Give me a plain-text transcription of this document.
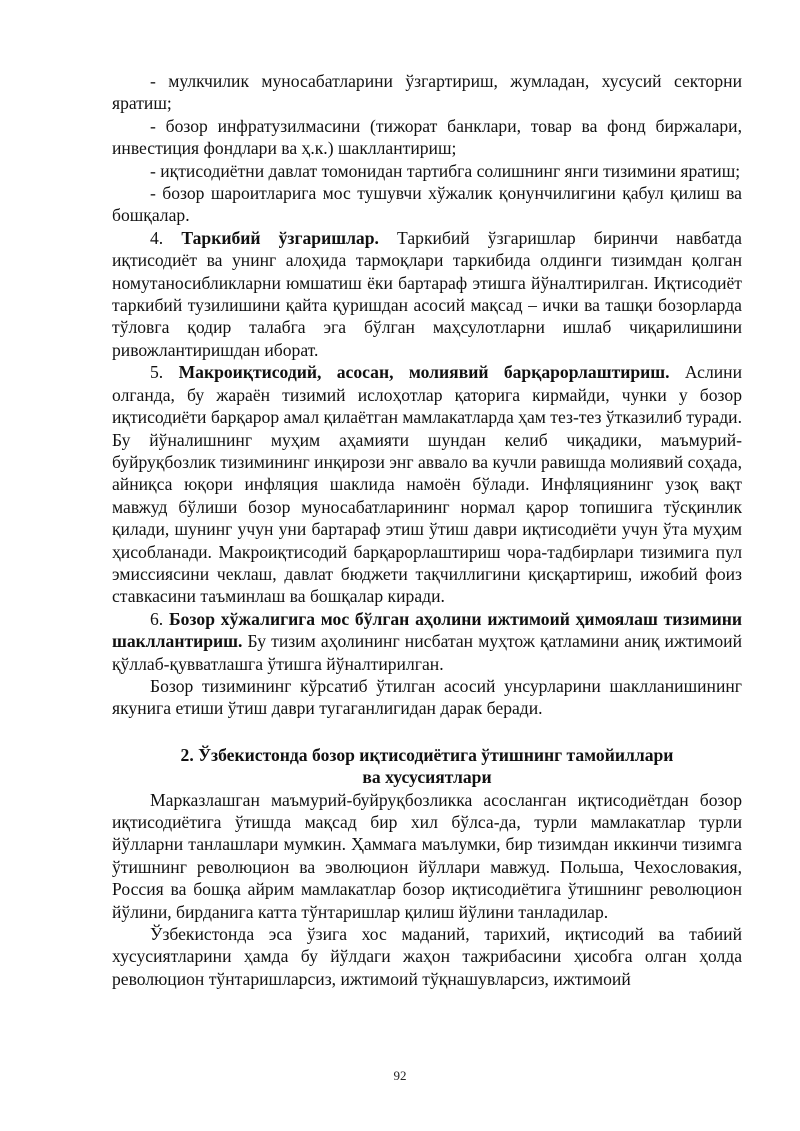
- мулкчилик муносабатларини ўзгартириш, жумладан, хусусий секторни яратиш;

- бозор инфратузилмасини (тижорат банклари, товар ва фонд биржалари, инвестиция фондлари ва ҳ.к.) шакллантириш;

- иқтисодиётни давлат томонидан тартибга солишнинг янги тизимини яратиш;

- бозор шароитларига мос тушувчи хўжалик қонунчилигини қабул қилиш ва бошқалар.

4. Таркибий ўзгаришлар. Таркибий ўзгаришлар биринчи навбатда иқтисодиёт ва унинг алоҳида тармоқлари таркибида олдинги тизимдан қолган номутаносибликларни юмшатиш ёки бартараф этишга йўналтирилган. Иқтисодиёт таркибий тузилишини қайта қуришдан асосий мақсад – ички ва ташқи бозорларда тўловга қодир талабга эга бўлган маҳсулотларни ишлаб чиқарилишини ривожлантиришдан иборат.

5. Макроиқтисодий, асосан, молиявий барқарорлаштириш. Аслини олганда, бу жараён тизимий ислоҳотлар қаторига кирмайди, чунки у бозор иқтисодиёти барқарор амал қилаётган мамлакатларда ҳам тез-тез ўтказилиб туради. Бу йўналишнинг муҳим аҳамияти шундан келиб чиқадики, маъмурий-буйруқбозлик тизимининг инқирози энг аввало ва кучли равишда молиявий соҳада, айниқса юқори инфляция шаклида намоён бўлади. Инфляциянинг узоқ вақт мавжуд бўлиши бозор муносабатларининг нормал қарор топишига тўсқинлик қилади, шунинг учун уни бартараф этиш ўтиш даври иқтисодиёти учун ўта муҳим ҳисобланади. Макроиқтисодий барқарорлаштириш чора-тадбирлари тизимига пул эмиссиясини чеклаш, давлат бюджети тақчиллигини қисқартириш, ижобий фоиз ставкасини таъминлаш ва бошқалар киради.

6. Бозор хўжалигига мос бўлган аҳолини ижтимоий ҳимоялаш тизимини шакллантириш. Бу тизим аҳолининг нисбатан муҳтож қатламини аниқ ижтимоий қўллаб-қувватлашга ўтишга йўналтирилган.

Бозор тизимининг кўрсатиб ўтилган асосий унсурларини шаклланишининг якунига етиши ўтиш даври тугаганлигидан дарак беради.

2. Ўзбекистонда бозор иқтисодиётига ўтишнинг тамойиллари
ва хусусиятлари

Марказлашган маъмурий-буйруқбозликка асосланган иқтисодиётдан бозор иқтисодиётига ўтишда мақсад бир хил бўлса-да, турли мамлакатлар турли йўлларни танлашлари мумкин. Ҳаммага маълумки, бир тизимдан иккинчи тизимга ўтишнинг революцион ва эволюцион йўллари мавжуд. Польша, Чехословакия, Россия ва бошқа айрим мамлакатлар бозор иқтисодиётига ўтишнинг революцион йўлини, бирданига катта тўнтаришлар қилиш йўлини танладилар.

Ўзбекистонда эса ўзига хос маданий, тарихий, иқтисодий ва табиий хусусиятларини ҳамда бу йўлдаги жаҳон тажрибасини ҳисобга олган ҳолда революцион тўнтаришларсиз, ижтимоий тўқнашувларсиз, ижтимоий

92
